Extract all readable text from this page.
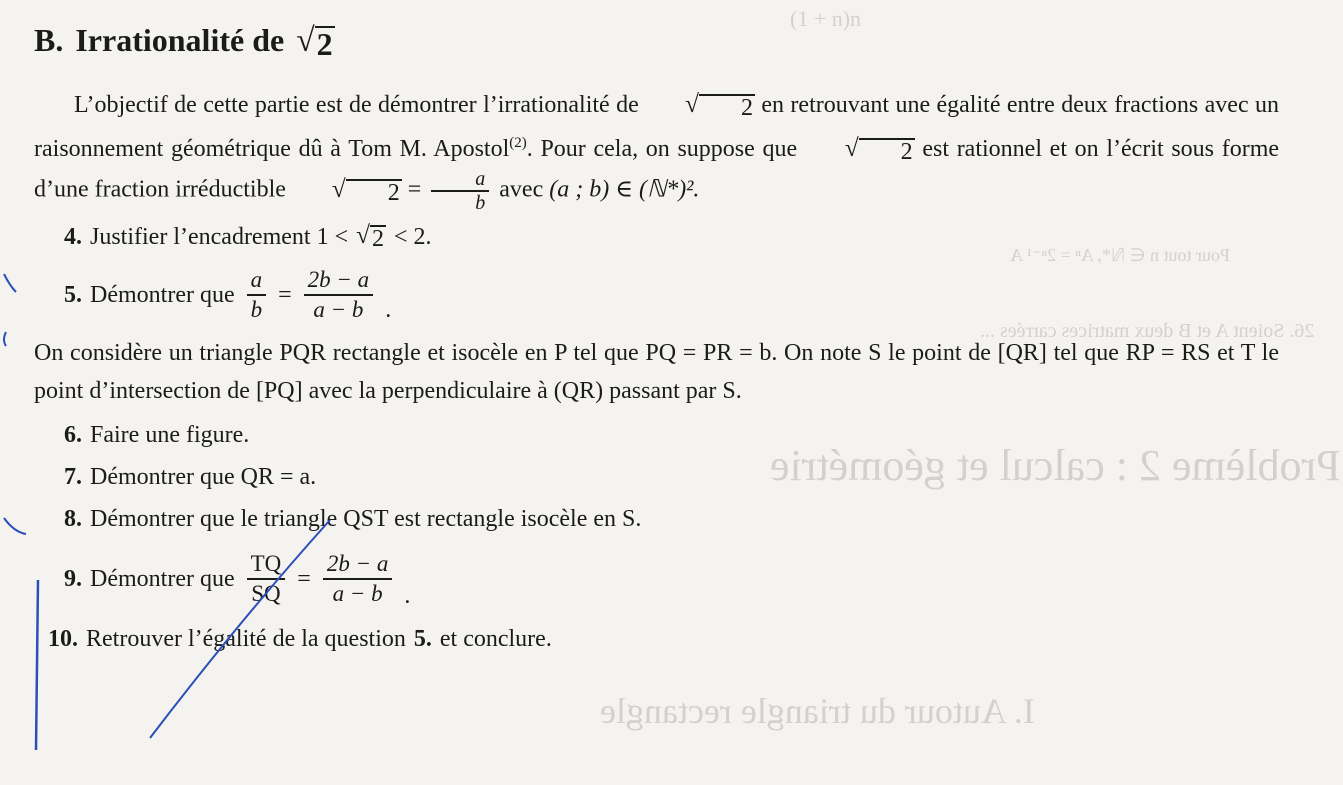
(1 + n)n
Pour tout n ∈ ℕ*, Aⁿ = 2ⁿ⁻¹ A
26. Soient A et B deux matrices carrées ...
Problème 2 : calcul et géométrie
I. Autour du triangle rectangle
B. Irrationalité de √ 2

L’objectif de cette partie est de démontrer l’irrationalité de	√	2 en retrouvant une égalité entre deux fractions avec un raisonnement géométrique dû à Tom M. Apostol$^{(2)}$. Pour cela, on suppose que	√	2 est rationnel et on l’écrit sous forme d’une fraction irréductible	√	$2 = \frac{a}{b}$ avec (a ; b) ∈ (ℕ*)².

4. Justifier l’encadrement 1 < √ 2 < 2.
5. Démontrer que $\frac{a}{b} = \frac{2b - a}{a - b}$ .

On considère un triangle PQR rectangle et isocèle en P tel que PQ = PR = b. On note S le point de [QR] tel que RP = RS et T le point d’intersection de [PQ] avec la perpendiculaire à (QR) passant par S.

6. Faire une figure.
7. Démontrer que QR = a.
8. Démontrer que le triangle QST est rectangle isocèle en S.
9. Démontrer que $\frac{TQ}{SQ} = \frac{2b - a}{a - b}$ .
10. Retrouver l’égalité de la question 5. et conclure.
